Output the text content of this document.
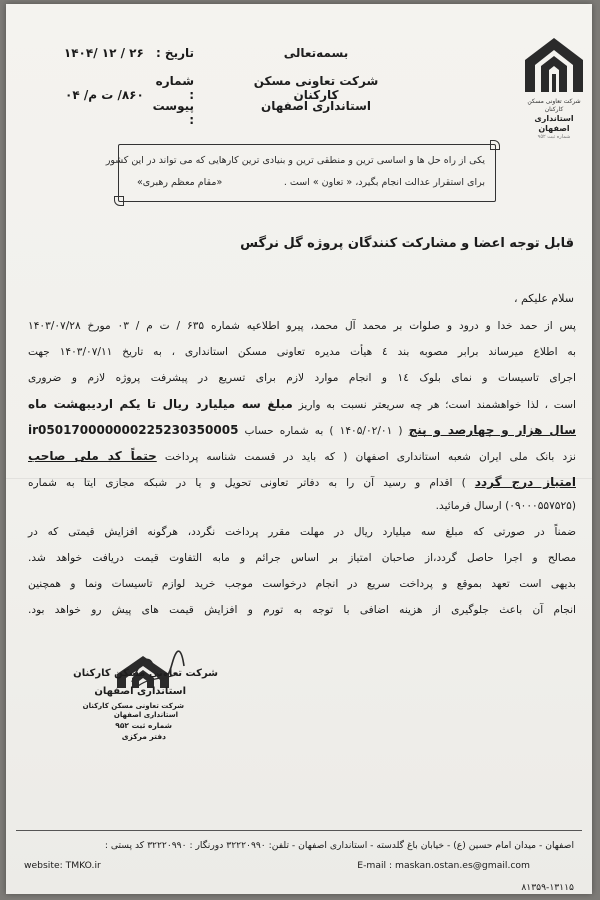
شرکت تعاونی مسکن کارکنان
استانداری اصفهان
شماره ثبت ۹۵۲
بسمه‌تعالی
شرکت تعاونی مسکن کارکنان
استانداری اصفهان
تاریخ : ۱۴۰۴/ ۱۲ / ۲۶
شماره : ۸۶۰/ ت م/ ۰۴
پیوست :
یکی از راه حل ها و اساسی ترین و منطقی ترین و بنیادی ترین کارهایی که می تواند در این کشور
برای استقرار عدالت انجام بگیرد، « تعاون » است .
«مقام معظم رهبری»
قابل توجه اعضا و مشارکت کنندگان پروژه گل نرگس
سلام علیکم ،
پس از حمد خدا و درود و صلوات بر محمد آل محمد، پیرو اطلاعیه شماره ۶۳۵ / ت م / ۰۳ مورخ ۱۴۰۳/۰۷/۲۸
به اطلاع میرساند برابر مصوبه بند ٤ هیأت مدیره تعاونی مسکن استانداری ، به تاریخ ۱۴۰۳/۰۷/۱۱ جهت
اجرای تاسیسات و نمای بلوک ١٤ و انجام موارد لازم برای تسریع در پیشرفت پروژه لازم و ضروری
است ، لذا خواهشمند است؛ هر چه سریعتر نسبت به واریز مبلغ سه میلیارد ریال تا یکم اردیبهشت ماه
سال هزار و چهارصد و پنج ( ۱۴۰۵/۰۲/۰۱ ) به شماره حساب ir050170000000225230350005
نزد بانک ملی ایران شعبه استانداری اصفهان ( که باید در قسمت شناسه پرداخت حتماً کد ملی صاحب
امتیاز درج گردد ) اقدام و رسید آن را به دفاتر تعاونی تحویل و یا در شبکه مجازی ایتا به شماره
(۰۹۰۰۰۵۵۷۵۲۵) ارسال فرمائید.
ضمناً در صورتی که مبلغ سه میلیارد ریال در مهلت مقرر پرداخت نگردد، هرگونه افزایش قیمتی که در
مصالح و اجرا حاصل گردد،از صاحبان امتیاز بر اساس جرائم و مابه التفاوت قیمت دریافت خواهد شد.
بدیهی است تعهد بموقع و پرداخت سریع در انجام درخواست موجب خرید لوازم تاسیسات ونما و همچنین
انجام آن باعث جلوگیری از هزینه اضافی با توجه به تورم و افزایش قیمت های پیش رو خواهد بود.
شرکت تعاونی مسکن کارکنان
استانداری اصفهان
شرکت تعاونی مسکن کارکنان
استانداری اصفهان
شماره ثبت ۹۵۲
دفتر مرکزی
اصفهان - میدان امام حسین (ع) - خیابان باغ گلدسته - استانداری اصفهان - تلفن: ۳۲۲۲۰۹۹۰ دورنگار : ۳۲۲۲۰۹۹۰ کد پستی :
website: TMKO.ir	E-mail : maskan.ostan.es@gmail.com
۸۱۳۵۹-۱۳۱۱۵
